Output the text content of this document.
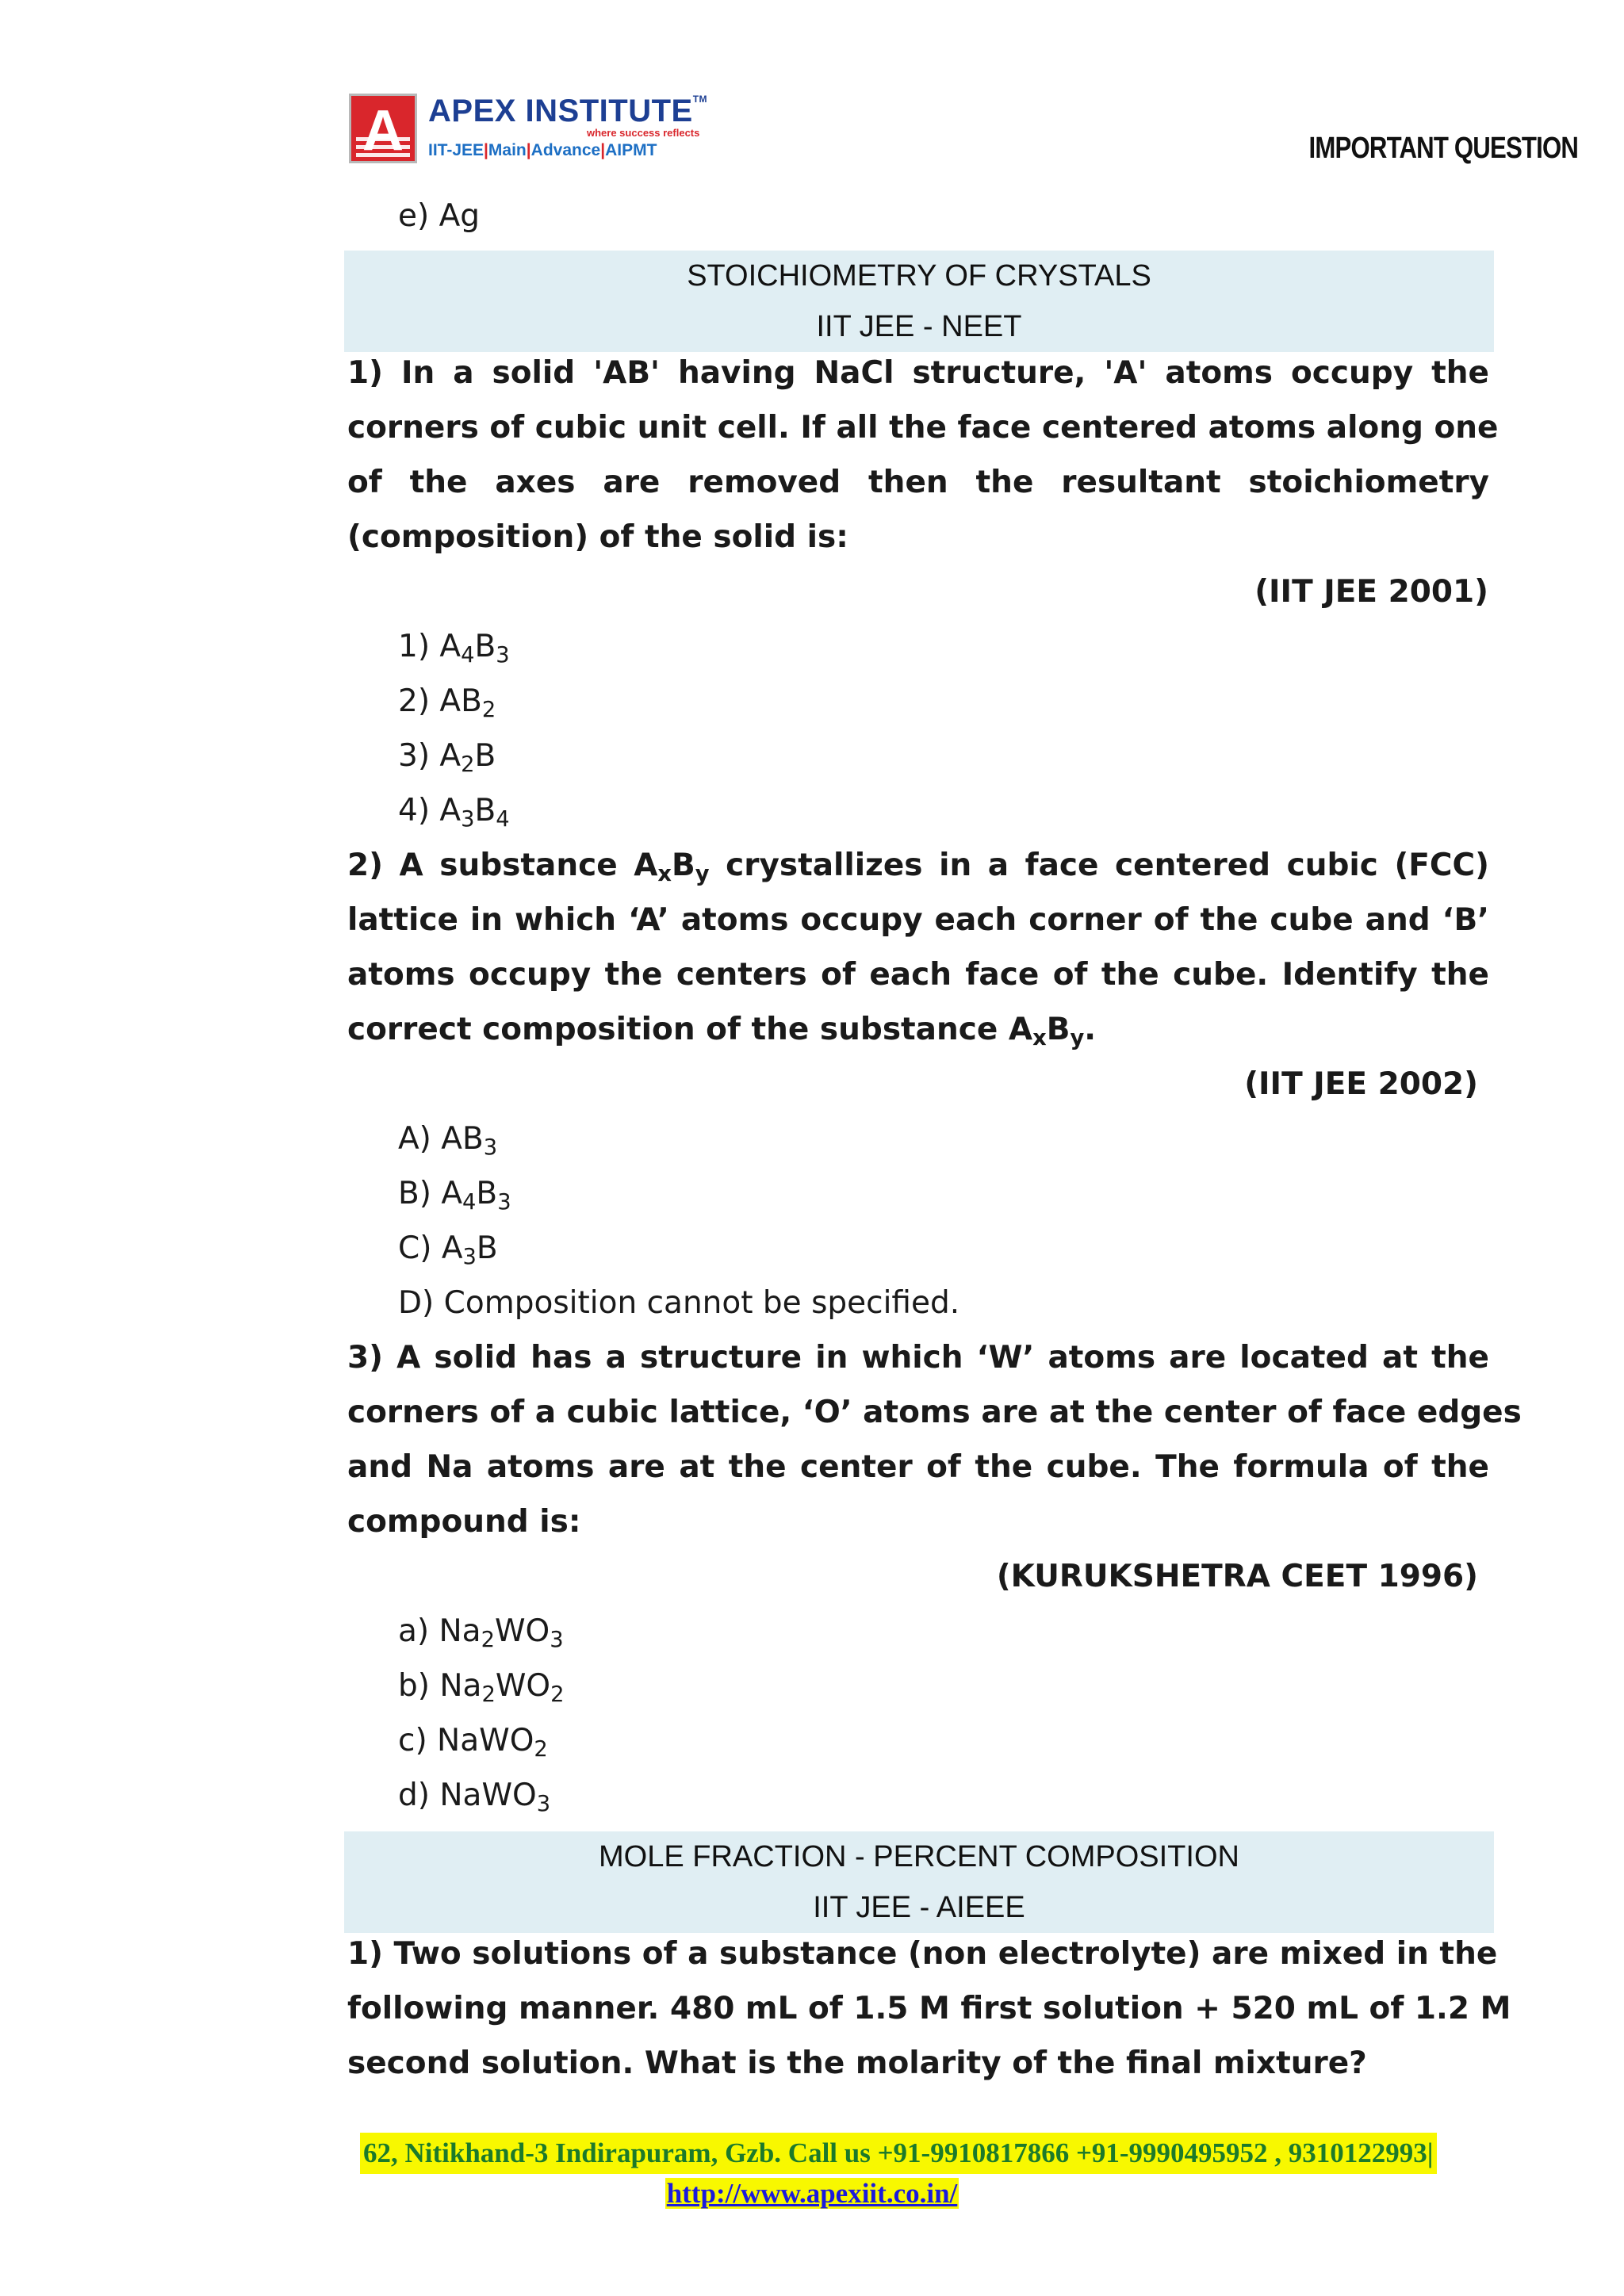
A APEX INSTITUTE™
where success reflects
IIT-JEE|Main|Advance|AIPMT	IMPORTANT QUESTION
e) Ag
STOICHIOMETRY OF CRYSTALS
IIT JEE - NEET
1) In a solid 'AB' having NaCl structure, 'A' atoms occupy the
corners of cubic unit cell. If all the face centered atoms along one
of the axes are removed then the resultant stoichiometry
(composition) of the solid is:
(IIT JEE 2001)
1) $A_4B_3$
2) $AB_2$
3) $A_2B$
4) $A_3B_4$
2) A substance $A_xB_y$ crystallizes in a face centered cubic (FCC)
lattice in which ‘A’ atoms occupy each corner of the cube and ‘B’
atoms occupy the centers of each face of the cube. Identify the
correct composition of the substance $A_xB_y$.
(IIT JEE 2002)
A) $AB_3$
B) $A_4B_3$
C) $A_3B$
D) Composition cannot be specified.
3) A solid has a structure in which ‘W’ atoms are located at the
corners of a cubic lattice, ‘O’ atoms are at the center of face edges
and Na atoms are at the center of the cube. The formula of the
compound is:
(KURUKSHETRA CEET 1996)
a) $Na_2WO_3$
b) $Na_2WO_2$
c) NaWO$_2$
d) NaWO$_3$
MOLE FRACTION - PERCENT COMPOSITION
IIT JEE - AIEEE
1) Two solutions of a substance (non electrolyte) are mixed in the
following manner. 480 mL of 1.5 M first solution + 520 mL of 1.2 M
second solution. What is the molarity of the final mixture?
62, Nitikhand-3 Indirapuram, Gzb. Call us +91-9910817866 +91-9990495952 , 9310122993|
http://www.apexiit.co.in/
